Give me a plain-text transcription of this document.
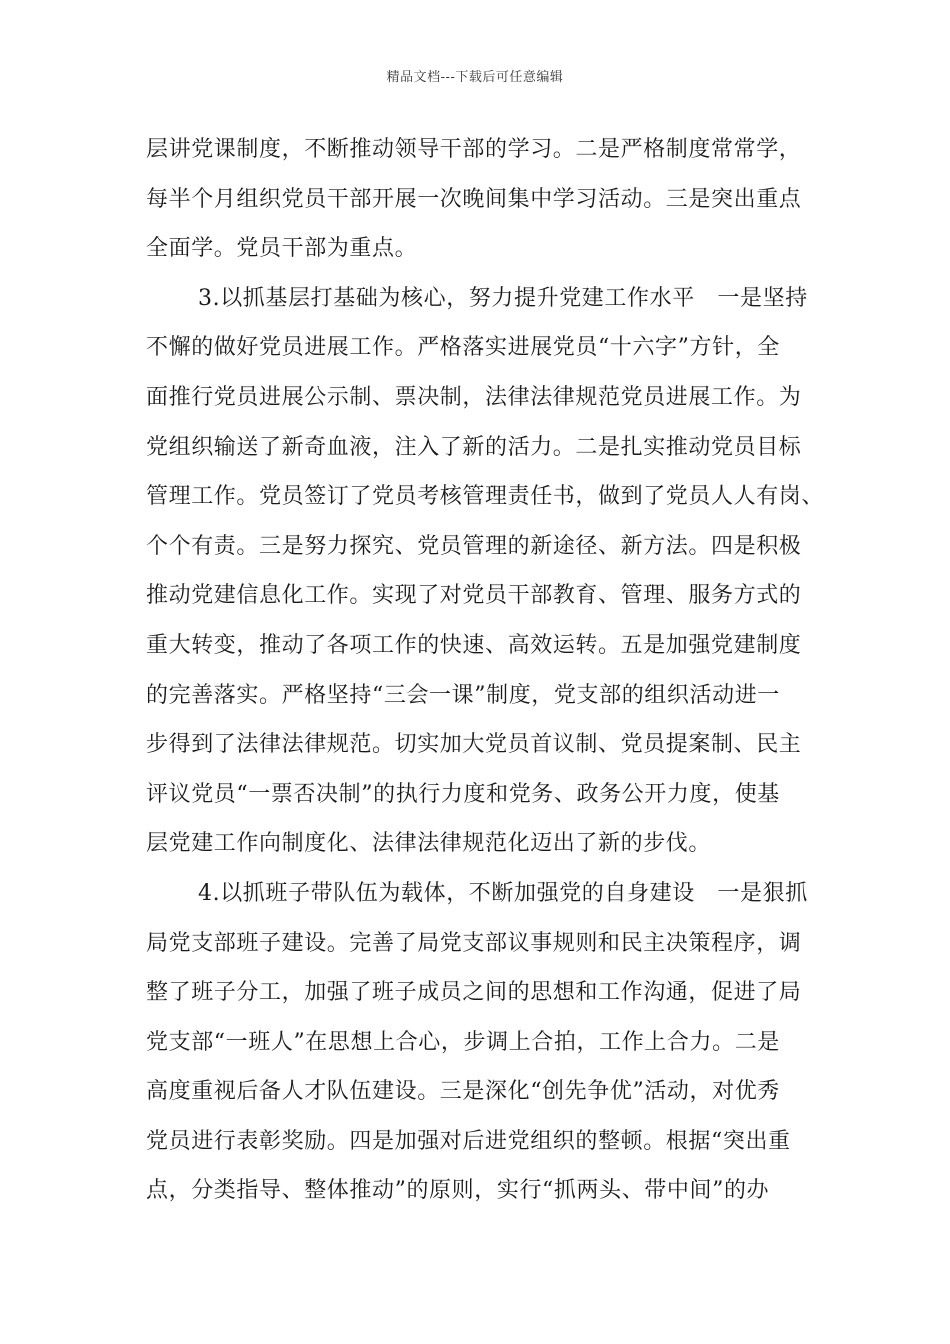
精品文档---下载后可任意编辑
层讲党课制度，不断推动领导干部的学习。二是严格制度常常学，
每半个月组织党员干部开展一次晚间集中学习活动。三是突出重点
全面学。党员干部为重点。
3.以抓基层打基础为核心，努力提升党建工作水平　一是坚持
不懈的做好党员进展工作。严格落实进展党员“十六字”方针，全
面推行党员进展公示制、票决制，法律法律规范党员进展工作。为
党组织输送了新奇血液，注入了新的活力。二是扎实推动党员目标
管理工作。党员签订了党员考核管理责任书，做到了党员人人有岗、
个个有责。三是努力探究、党员管理的新途径、新方法。四是积极
推动党建信息化工作。实现了对党员干部教育、管理、服务方式的
重大转变，推动了各项工作的快速、高效运转。五是加强党建制度
的完善落实。严格坚持“三会一课”制度，党支部的组织活动进一
步得到了法律法律规范。切实加大党员首议制、党员提案制、民主
评议党员“一票否决制”的执行力度和党务、政务公开力度，使基
层党建工作向制度化、法律法律规范化迈出了新的步伐。
4.以抓班子带队伍为载体，不断加强党的自身建设　一是狠抓
局党支部班子建设。完善了局党支部议事规则和民主决策程序，调
整了班子分工，加强了班子成员之间的思想和工作沟通，促进了局
党支部“一班人”在思想上合心，步调上合拍，工作上合力。二是
高度重视后备人才队伍建设。三是深化“创先争优”活动，对优秀
党员进行表彰奖励。四是加强对后进党组织的整顿。根据“突出重
点，分类指导、整体推动”的原则，实行“抓两头、带中间”的办
